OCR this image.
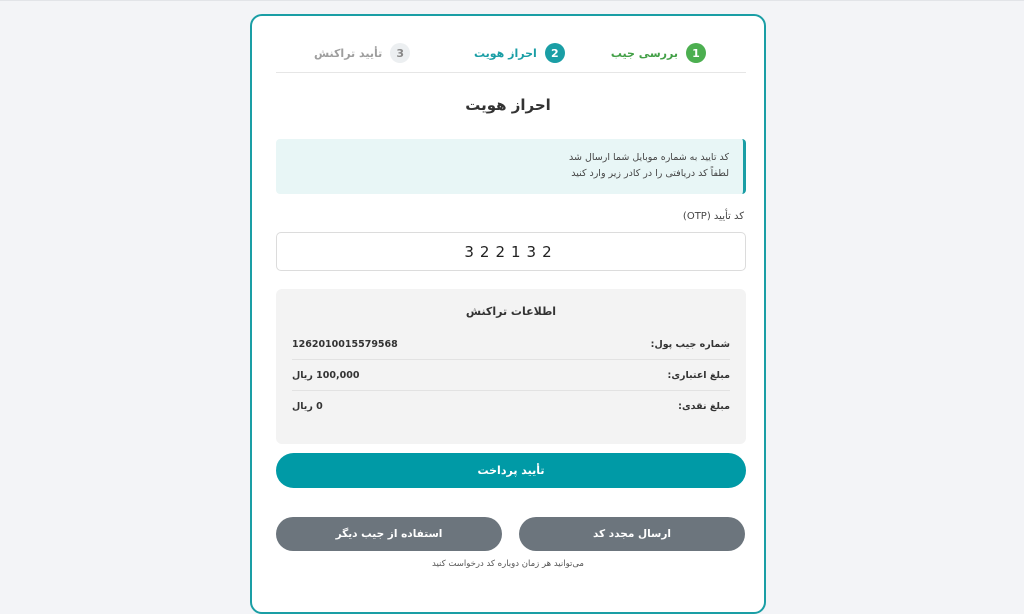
1
بررسی جیب
2
احراز هویت
3
تأیید تراکنش
احراز هویت
کد تایید به شماره موبایل شما ارسال شد
لطفاً کد دریافتی را در کادر زیر وارد کنید
کد تأیید (OTP)
322132
اطلاعات تراکنش
شماره جیب پول:
1262010015579568
مبلغ اعتباری:
100,000 ریال
مبلغ نقدی:
0 ریال
تأیید پرداخت
ارسال مجدد کد
استفاده از جیب دیگر
می‌توانید هر زمان دوباره کد درخواست کنید
